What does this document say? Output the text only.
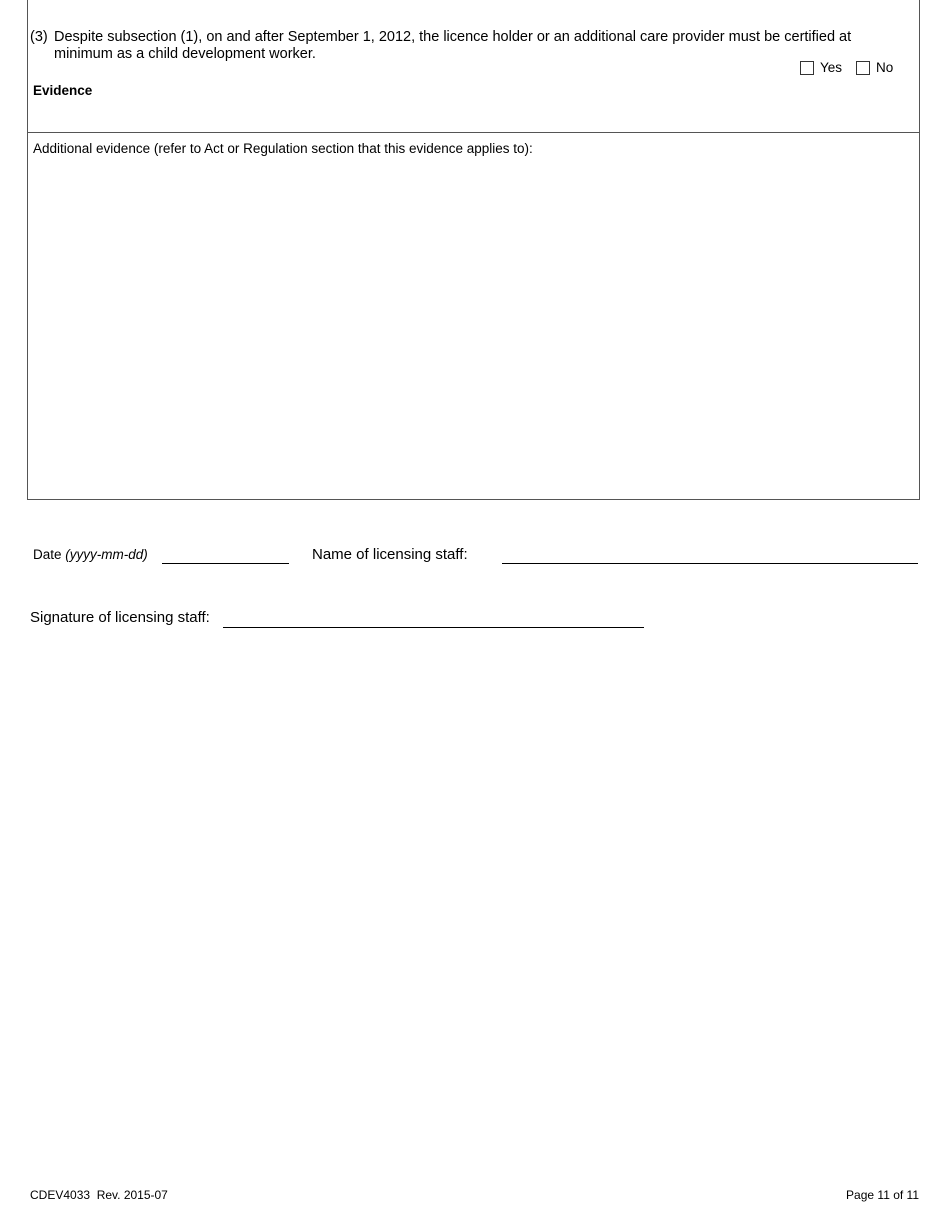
(3) Despite subsection (1), on and after September 1, 2012, the licence holder or an additional care provider must be certified at
minimum as a child development worker.
Yes	No
Evidence
Additional evidence (refer to Act or Regulation section that this evidence applies to):
Date (yyyy-mm-dd)	Name of licensing staff:
Signature of licensing staff:
CDEV4033  Rev. 2015-07	Page 11 of 11
